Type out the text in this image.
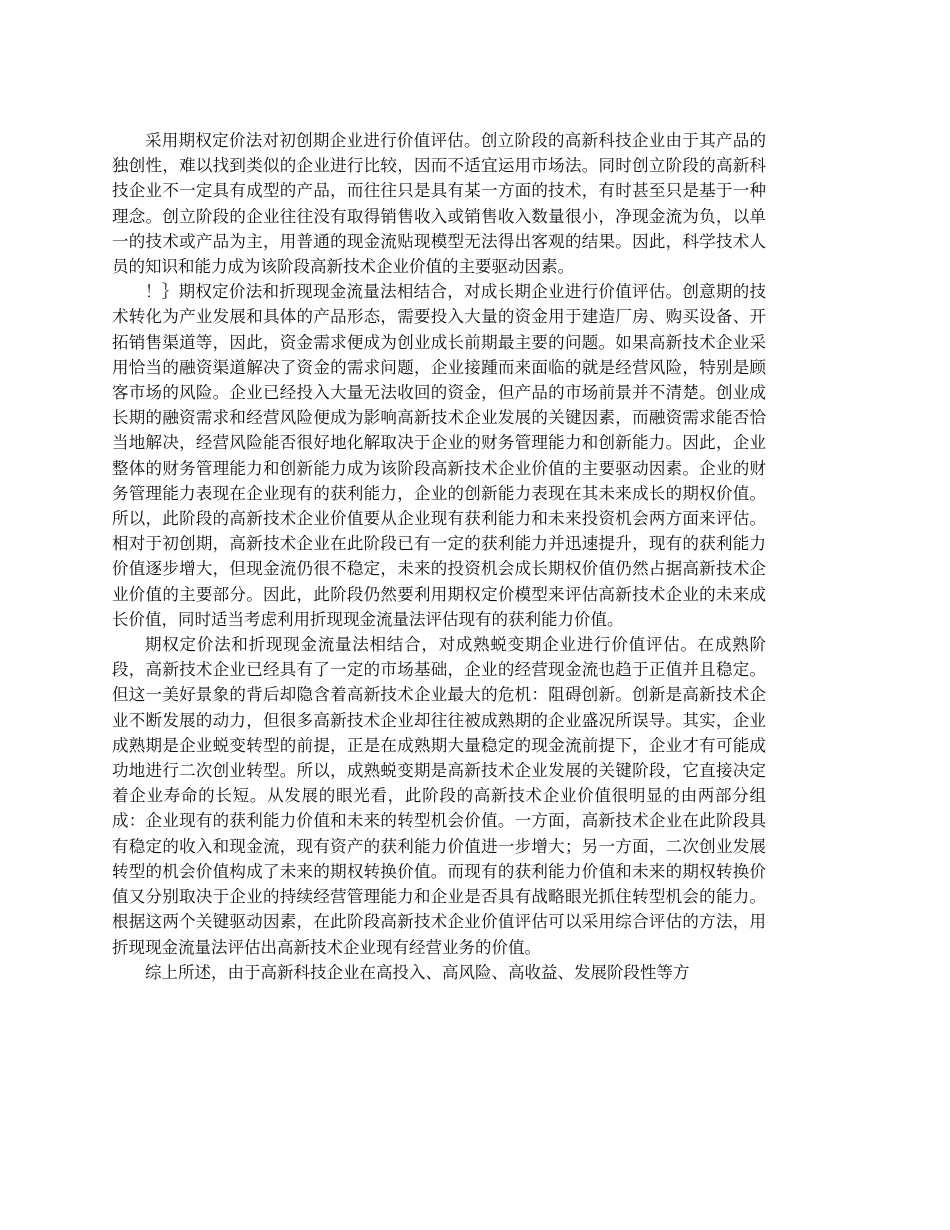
采用期权定价法对初创期企业进行价值评估。创立阶段的高新科技企业由于其产品的独创性，难以找到类似的企业进行比较，因而不适宜运用市场法。同时创立阶段的高新科技企业不一定具有成型的产品，而往往只是具有某一方面的技术，有时甚至只是基于一种理念。创立阶段的企业往往没有取得销售收入或销售收入数量很小，净现金流为负，以单一的技术或产品为主，用普通的现金流贴现模型无法得出客观的结果。因此，科学技术人员的知识和能力成为该阶段高新技术企业价值的主要驱动因素。

！｝期权定价法和折现现金流量法相结合，对成长期企业进行价值评估。创意期的技术转化为产业发展和具体的产品形态，需要投入大量的资金用于建造厂房、购买设备、开拓销售渠道等，因此，资金需求便成为创业成长前期最主要的问题。如果高新技术企业采用恰当的融资渠道解决了资金的需求问题，企业接踵而来面临的就是经营风险，特别是顾客市场的风险。企业已经投入大量无法收回的资金，但产品的市场前景并不清楚。创业成长期的融资需求和经营风险便成为影响高新技术企业发展的关键因素，而融资需求能否恰当地解决，经营风险能否很好地化解取决于企业的财务管理能力和创新能力。因此，企业整体的财务管理能力和创新能力成为该阶段高新技术企业价值的主要驱动因素。企业的财务管理能力表现在企业现有的获利能力，企业的创新能力表现在其未来成长的期权价值。所以，此阶段的高新技术企业价值要从企业现有获利能力和未来投资机会两方面来评估。相对于初创期，高新技术企业在此阶段已有一定的获利能力并迅速提升，现有的获利能力价值逐步增大，但现金流仍很不稳定，未来的投资机会成长期权价值仍然占据高新技术企业价值的主要部分。因此，此阶段仍然要利用期权定价模型来评估高新技术企业的未来成长价值，同时适当考虑利用折现现金流量法评估现有的获利能力价值。

期权定价法和折现现金流量法相结合，对成熟蜕变期企业进行价值评估。在成熟阶段，高新技术企业已经具有了一定的市场基础，企业的经营现金流也趋于正值并且稳定。但这一美好景象的背后却隐含着高新技术企业最大的危机：阻碍创新。创新是高新技术企业不断发展的动力，但很多高新技术企业却往往被成熟期的企业盛况所误导。其实，企业成熟期是企业蜕变转型的前提，正是在成熟期大量稳定的现金流前提下，企业才有可能成功地进行二次创业转型。所以，成熟蜕变期是高新技术企业发展的关键阶段，它直接决定着企业寿命的长短。从发展的眼光看，此阶段的高新技术企业价值很明显的由两部分组成：企业现有的获利能力价值和未来的转型机会价值。一方面，高新技术企业在此阶段具有稳定的收入和现金流，现有资产的获利能力价值进一步增大；另一方面，二次创业发展转型的机会价值构成了未来的期权转换价值。而现有的获利能力价值和未来的期权转换价值又分别取决于企业的持续经营管理能力和企业是否具有战略眼光抓住转型机会的能力。根据这两个关键驱动因素，在此阶段高新技术企业价值评估可以采用综合评估的方法，用折现现金流量法评估出高新技术企业现有经营业务的价值。

综上所述，由于高新科技企业在高投入、高风险、高收益、发展阶段性等方
